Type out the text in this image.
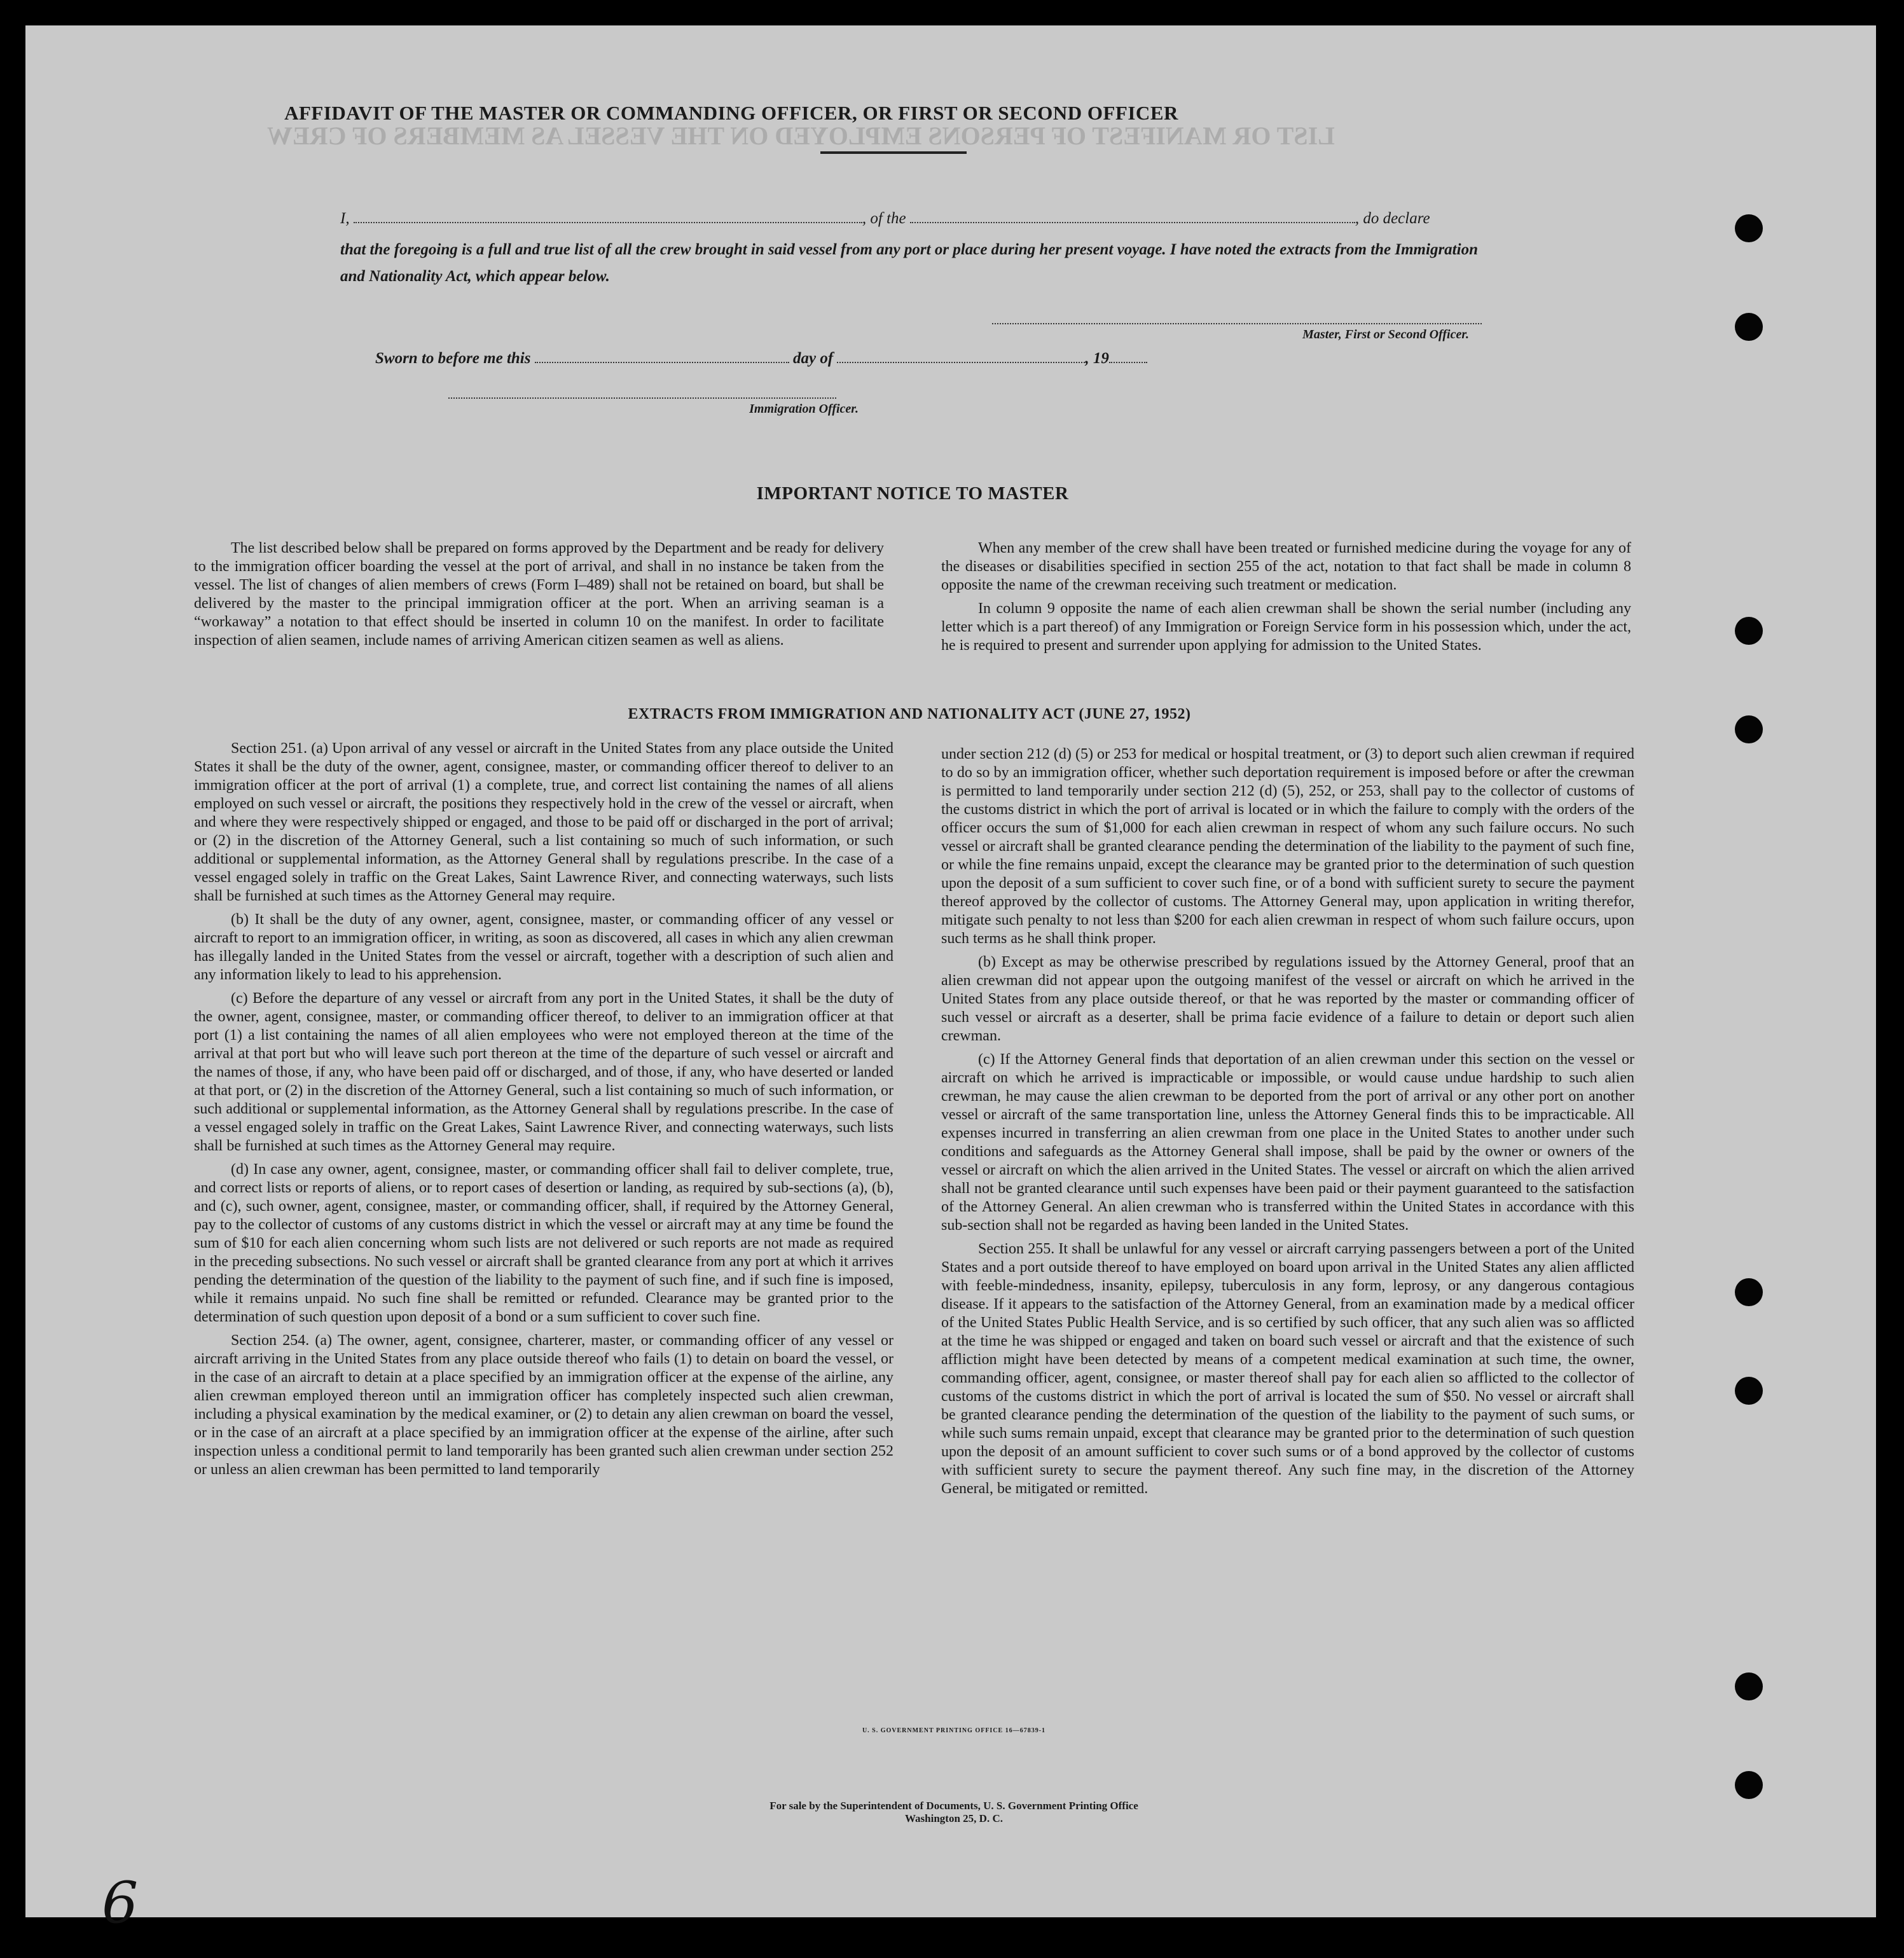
LIST OR MANIFEST OF PERSONS EMPLOYED ON THE VESSEL AS MEMBERS OF CREW
AFFIDAVIT OF THE MASTER OR COMMANDING OFFICER, OR FIRST OR SECOND OFFICER
I,	, of the	, do declare
that the foregoing is a full and true list of all the crew brought in said vessel from any port or place during her present voyage. I have noted the extracts from the Immigration and Nationality Act, which appear below.
Master, First or Second Officer.
Sworn to before me this	day of	, 19
Immigration Officer.
IMPORTANT NOTICE TO MASTER

The list described below shall be prepared on forms approved by the Department and be ready for delivery to the immigration officer boarding the vessel at the port of arrival, and shall in no instance be taken from the vessel. The list of changes of alien members of crews (Form I–489) shall not be retained on board, but shall be delivered by the master to the principal immigration officer at the port. When an arriving seaman is a “workaway” a notation to that effect should be inserted in column 10 on the manifest. In order to facilitate inspection of alien seamen, include names of arriving American citizen seamen as well as aliens.

When any member of the crew shall have been treated or furnished medicine during the voyage for any of the diseases or disabilities specified in section 255 of the act, notation to that fact shall be made in column 8 opposite the name of the crewman receiving such treatment or medication.

In column 9 opposite the name of each alien crewman shall be shown the serial number (including any letter which is a part thereof) of any Immigration or Foreign Service form in his possession which, under the act, he is required to present and surrender upon applying for admission to the United States.

EXTRACTS FROM IMMIGRATION AND NATIONALITY ACT (JUNE 27, 1952)

Section 251. (a) Upon arrival of any vessel or aircraft in the United States from any place outside the United States it shall be the duty of the owner, agent, consignee, master, or commanding officer thereof to deliver to an immigration officer at the port of arrival (1) a complete, true, and correct list containing the names of all aliens employed on such vessel or aircraft, the positions they respectively hold in the crew of the vessel or aircraft, when and where they were respectively shipped or engaged, and those to be paid off or discharged in the port of arrival; or (2) in the discretion of the Attorney General, such a list containing so much of such information, or such additional or supplemental information, as the Attorney General shall by regulations prescribe. In the case of a vessel engaged solely in traffic on the Great Lakes, Saint Lawrence River, and connecting waterways, such lists shall be furnished at such times as the Attorney General may require.

(b) It shall be the duty of any owner, agent, consignee, master, or commanding officer of any vessel or aircraft to report to an immigration officer, in writing, as soon as discovered, all cases in which any alien crewman has illegally landed in the United States from the vessel or aircraft, together with a description of such alien and any information likely to lead to his apprehension.

(c) Before the departure of any vessel or aircraft from any port in the United States, it shall be the duty of the owner, agent, consignee, master, or commanding officer thereof, to deliver to an immigration officer at that port (1) a list containing the names of all alien employees who were not employed thereon at the time of the arrival at that port but who will leave such port thereon at the time of the departure of such vessel or aircraft and the names of those, if any, who have been paid off or discharged, and of those, if any, who have deserted or landed at that port, or (2) in the discretion of the Attorney General, such a list containing so much of such information, or such additional or supplemental information, as the Attorney General shall by regulations prescribe. In the case of a vessel engaged solely in traffic on the Great Lakes, Saint Lawrence River, and connecting waterways, such lists shall be furnished at such times as the Attorney General may require.

(d) In case any owner, agent, consignee, master, or commanding officer shall fail to deliver complete, true, and correct lists or reports of aliens, or to report cases of desertion or landing, as required by sub-sections (a), (b), and (c), such owner, agent, consignee, master, or commanding officer, shall, if required by the Attorney General, pay to the collector of customs of any customs district in which the vessel or aircraft may at any time be found the sum of $10 for each alien concerning whom such lists are not delivered or such reports are not made as required in the preceding subsections. No such vessel or aircraft shall be granted clearance from any port at which it arrives pending the determination of the question of the liability to the payment of such fine, and if such fine is imposed, while it remains unpaid. No such fine shall be remitted or refunded. Clearance may be granted prior to the determination of such question upon deposit of a bond or a sum sufficient to cover such fine.

Section 254. (a) The owner, agent, consignee, charterer, master, or commanding officer of any vessel or aircraft arriving in the United States from any place outside thereof who fails (1) to detain on board the vessel, or in the case of an aircraft to detain at a place specified by an immigration officer at the expense of the airline, any alien crewman employed thereon until an immigration officer has completely inspected such alien crewman, including a physical examination by the medical examiner, or (2) to detain any alien crewman on board the vessel, or in the case of an aircraft at a place specified by an immigration officer at the expense of the airline, after such inspection unless a conditional permit to land temporarily has been granted such alien crewman under section 252 or unless an alien crewman has been permitted to land temporarily

under section 212 (d) (5) or 253 for medical or hospital treatment, or (3) to deport such alien crewman if required to do so by an immigration officer, whether such deportation requirement is imposed before or after the crewman is permitted to land temporarily under section 212 (d) (5), 252, or 253, shall pay to the collector of customs of the customs district in which the port of arrival is located or in which the failure to comply with the orders of the officer occurs the sum of $1,000 for each alien crewman in respect of whom any such failure occurs. No such vessel or aircraft shall be granted clearance pending the determination of the liability to the payment of such fine, or while the fine remains unpaid, except the clearance may be granted prior to the determination of such question upon the deposit of a sum sufficient to cover such fine, or of a bond with sufficient surety to secure the payment thereof approved by the collector of customs. The Attorney General may, upon application in writing therefor, mitigate such penalty to not less than $200 for each alien crewman in respect of whom such failure occurs, upon such terms as he shall think proper.

(b) Except as may be otherwise prescribed by regulations issued by the Attorney General, proof that an alien crewman did not appear upon the outgoing manifest of the vessel or aircraft on which he arrived in the United States from any place outside thereof, or that he was reported by the master or commanding officer of such vessel or aircraft as a deserter, shall be prima facie evidence of a failure to detain or deport such alien crewman.

(c) If the Attorney General finds that deportation of an alien crewman under this section on the vessel or aircraft on which he arrived is impracticable or impossible, or would cause undue hardship to such alien crewman, he may cause the alien crewman to be deported from the port of arrival or any other port on another vessel or aircraft of the same transportation line, unless the Attorney General finds this to be impracticable. All expenses incurred in transferring an alien crewman from one place in the United States to another under such conditions and safeguards as the Attorney General shall impose, shall be paid by the owner or owners of the vessel or aircraft on which the alien arrived in the United States. The vessel or aircraft on which the alien arrived shall not be granted clearance until such expenses have been paid or their payment guaranteed to the satisfaction of the Attorney General. An alien crewman who is transferred within the United States in accordance with this sub-section shall not be regarded as having been landed in the United States.

Section 255. It shall be unlawful for any vessel or aircraft carrying passengers between a port of the United States and a port outside thereof to have employed on board upon arrival in the United States any alien afflicted with feeble-mindedness, insanity, epilepsy, tuberculosis in any form, leprosy, or any dangerous contagious disease. If it appears to the satisfaction of the Attorney General, from an examination made by a medical officer of the United States Public Health Service, and is so certified by such officer, that any such alien was so afflicted at the time he was shipped or engaged and taken on board such vessel or aircraft and that the existence of such affliction might have been detected by means of a competent medical examination at such time, the owner, commanding officer, agent, consignee, or master thereof shall pay for each alien so afflicted to the collector of customs of the customs district in which the port of arrival is located the sum of $50. No vessel or aircraft shall be granted clearance pending the determination of the question of the liability to the payment of such sums, or while such sums remain unpaid, except that clearance may be granted prior to the determination of such question upon the deposit of an amount sufficient to cover such sums or of a bond approved by the collector of customs with sufficient surety to secure the payment thereof. Any such fine may, in the discretion of the Attorney General, be mitigated or remitted.

U. S. GOVERNMENT PRINTING OFFICE 16—67839-1
For sale by the Superintendent of Documents, U. S. Government Printing Office
Washington 25, D. C.
6
